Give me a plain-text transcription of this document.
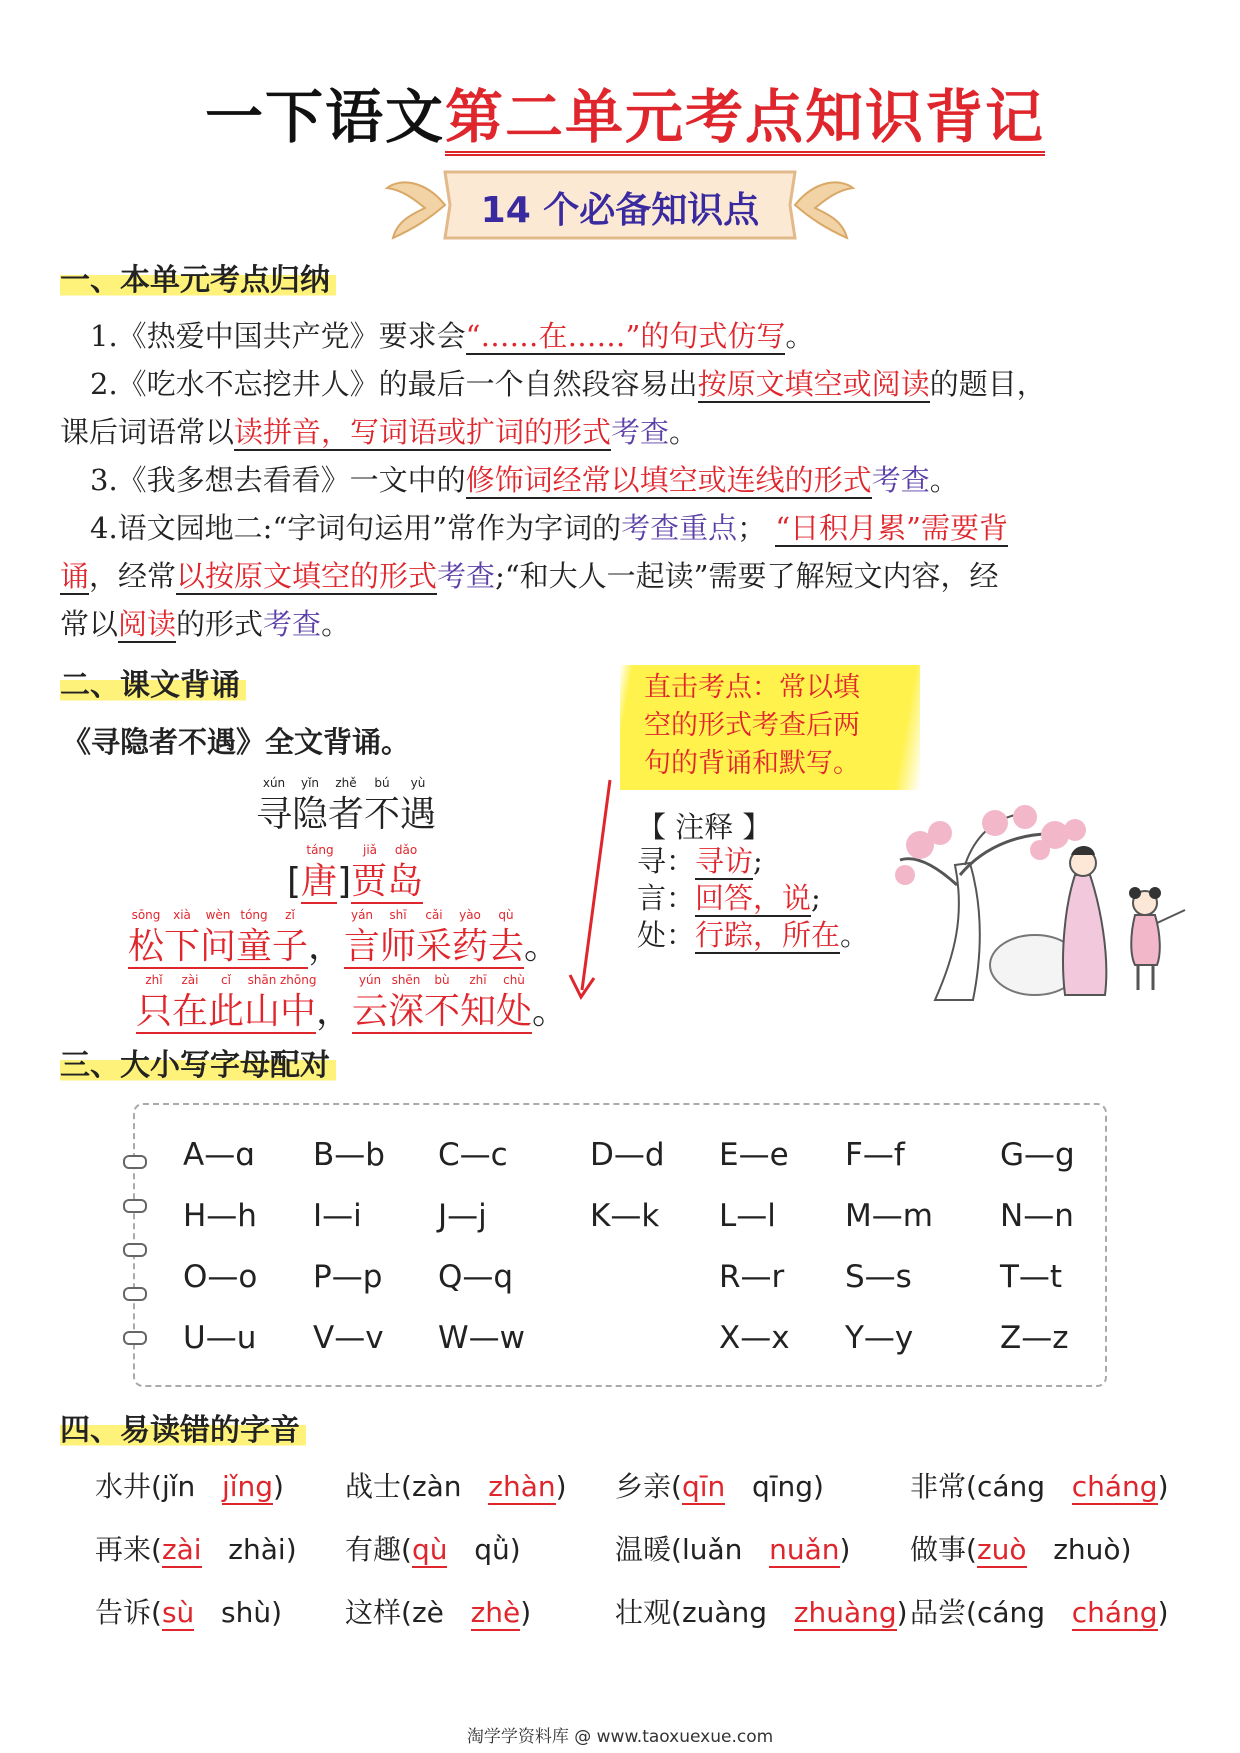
一下语文第二单元考点知识背记
14 个必备知识点
一、本单元考点归纳
1.《热爱中国共产党》要求会“……在……”的句式仿写。
2.《吃水不忘挖井人》的最后一个自然段容易出按原文填空或阅读的题目，
课后词语常以读拼音，写词语或扩词的形式考查。
3.《我多想去看看》一文中的修饰词经常以填空或连线的形式考查。
4.语文园地二:“字词句运用”常作为字词的考查重点； “日积月累”需要背
诵，经常以按原文填空的形式考查;“和大人一起读”需要了解短文内容，经
常以阅读的形式考查。
二、课文背诵
《寻隐者不遇》全文背诵。
直击考点：常以填
空的形式考查后两
句的背诵和默写。
xún yǐn zhě bú yù
寻隐者不遇
táng jiǎ dǎo
[唐]贾岛
sōng xià wèn tóng zǐ	yán shī cǎi yào qù
松下问童子，言师采药去。
zhǐ zài cǐ shān zhōng	yún shēn bù zhī chù
只在此山中，云深不知处。
【 注释 】
寻：寻访;
言：回答，说;
处：行踪，所在。
三、大小写字母配对
A—ɑ B—b C—c	D—d E—e F—f	G—g
H—h I—i J—j	K—k L—l M—m N—n
O—o P—p Q—q	R—r S—s	T—t
U—u V—v W—w	X—x Y—y	Z—z
四、易读错的字音
水井(jǐn jǐng) 战士(zàn zhàn) 乡亲(qīn qīng)	非常(cáng cháng)
再来(zài zhài) 有趣(qù qǜ)	温暖(luǎn nuǎn) 做事(zuò zhuò)
告诉(sù shù) 这样(zè zhè)	壮观(zuàng zhuàng) 品尝(cáng cháng)
淘学学资料库 @ www.taoxuexue.com
